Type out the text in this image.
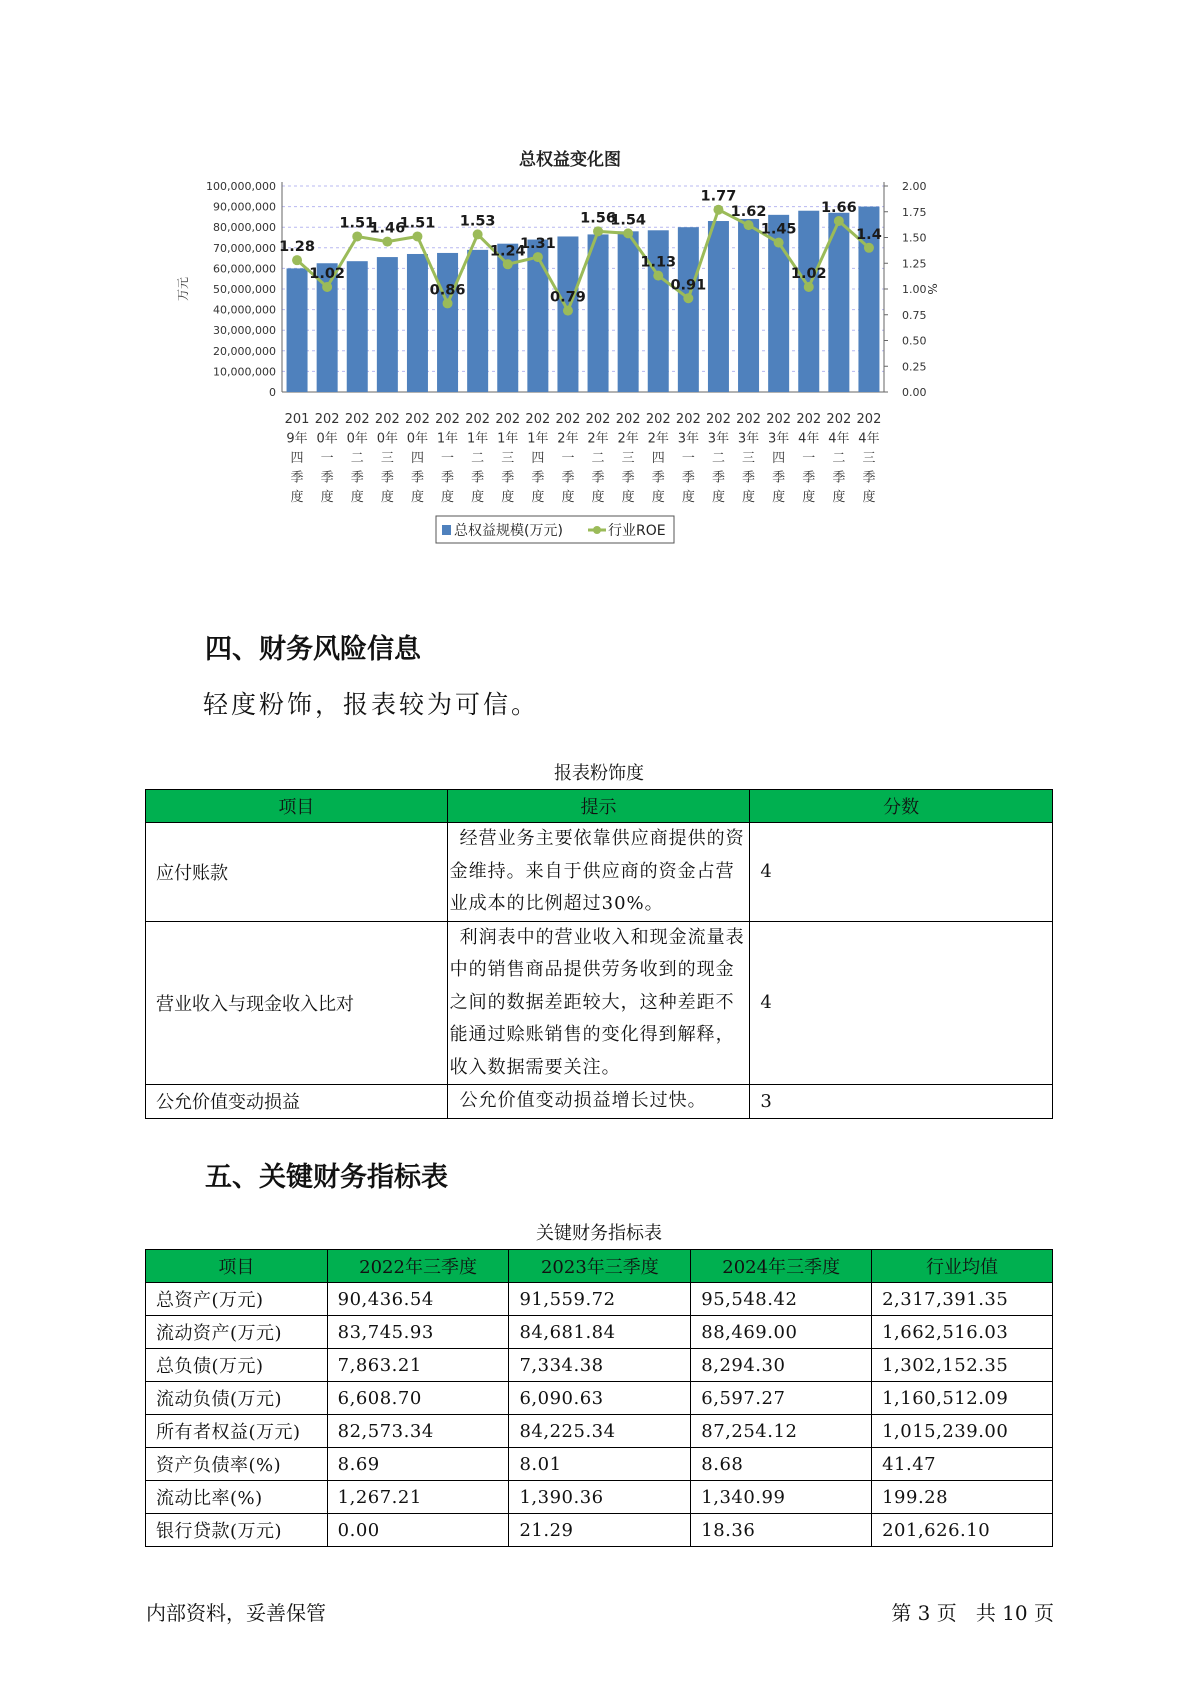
总权益变化图
100,000,000
90,000,000
80,000,000
70,000,000
60,000,000
50,000,000
40,000,000
30,000,000
20,000,000
10,000,000
0
2.00
1.75
1.50
1.25
1.00
0.75
0.50
0.25
0.00
万元	%
1.28
1.02
1.51
1.46
1.51
0.86
1.53
1.24
1.31
0.79
1.56
1.54
1.13
0.91
1.77
1.62
1.45
1.02
1.66
1.4
201
9年
四
季
度
202
0年
一
季
度
202
0年
二
季
度
202
0年
三
季
度
202
0年
四
季
度
202
1年
一
季
度
202
1年
二
季
度
202
1年
三
季
度
202
1年
四
季
度
202
2年
一
季
度
202
2年
二
季
度
202
2年
三
季
度
202
2年
四
季
度
202
3年
一
季
度
202
3年
二
季
度
202
3年
三
季
度
202
3年
四
季
度
202
4年
一
季
度
202
4年
二
季
度
202
4年
三
季
度
总权益规模(万元)	行业ROE
四、财务风险信息
轻度粉饰，报表较为可信。
报表粉饰度
项目	提示	分数
应付账款	经营业务主要依靠供应商提供的资金维持。来自于供应商的资金占营业成本的比例超过30%。	4
营业收入与现金收入比对	利润表中的营业收入和现金流量表中的销售商品提供劳务收到的现金之间的数据差距较大，这种差距不能通过赊账销售的变化得到解释，收入数据需要关注。	4
公允价值变动损益	公允价值变动损益增长过快。	3
五、关键财务指标表
关键财务指标表
项目	2022年三季度	2023年三季度	2024年三季度	行业均值
总资产(万元)	90,436.54	91,559.72	95,548.42	2,317,391.35
流动资产(万元)	83,745.93	84,681.84	88,469.00	1,662,516.03
总负债(万元)	7,863.21	7,334.38	8,294.30	1,302,152.35
流动负债(万元)	6,608.70	6,090.63	6,597.27	1,160,512.09
所有者权益(万元)	82,573.34	84,225.34	87,254.12	1,015,239.00
资产负债率(%)	8.69	8.01	8.68	41.47
流动比率(%)	1,267.21	1,390.36	1,340.99	199.28
银行贷款(万元)	0.00	21.29	18.36	201,626.10
内部资料，妥善保管	第 3 页   共 10 页
